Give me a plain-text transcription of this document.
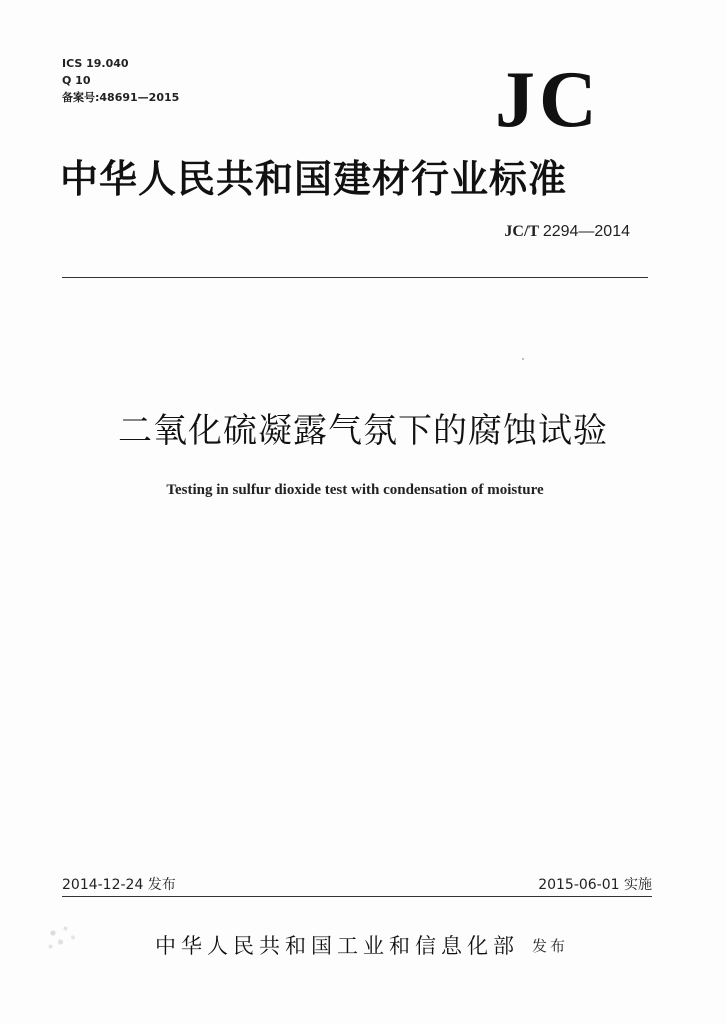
ICS 19.040
Q 10
备案号:48691—2015	JC
中华人民共和国建材行业标准
JC/T 2294—2014
二氧化硫凝露气氛下的腐蚀试验
Testing in sulfur dioxide test with condensation of moisture
2014-12-24 发布	2015-06-01 实施
中华人民共和国工业和信息化部 发布
